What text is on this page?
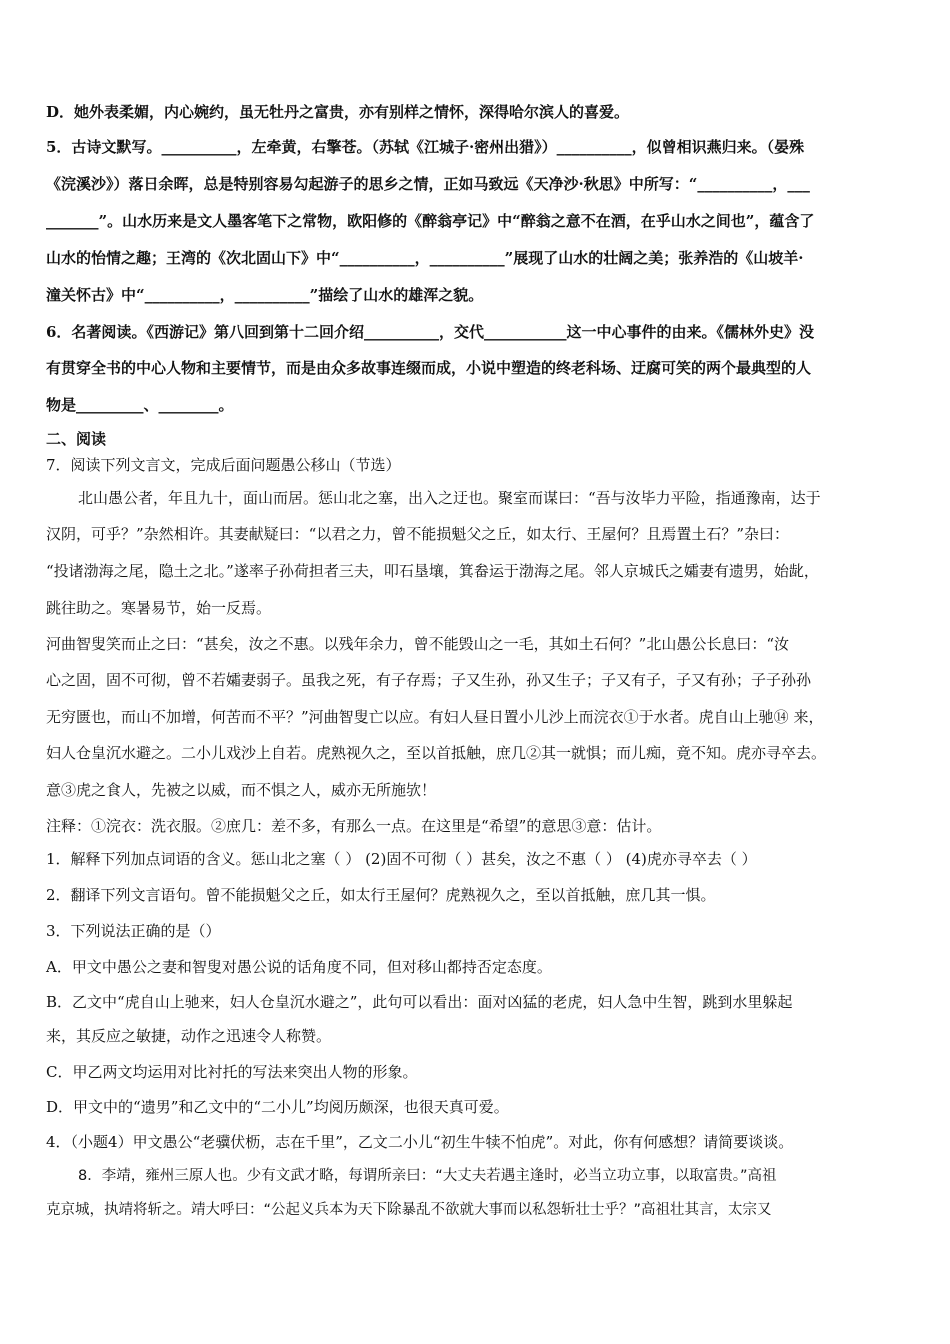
D．她外表柔媚，内心婉约，虽无牡丹之富贵，亦有别样之情怀，深得哈尔滨人的喜爱。
5．古诗文默写。__________，左牵黄，右擎苍。（苏轼《江城子·密州出猎》）__________，似曾相识燕归来。（晏殊
《浣溪沙》）落日余晖，总是特别容易勾起游子的思乡之情，正如马致远《天净沙·秋思》中所写：“__________，___
_______”。山水历来是文人墨客笔下之常物，欧阳修的《醉翁亭记》中“醉翁之意不在酒，在乎山水之间也”，蕴含了
山水的怡情之趣；王湾的《次北固山下》中“__________，__________”展现了山水的壮阔之美；张养浩的《山坡羊·
潼关怀古》中“__________，__________”描绘了山水的雄浑之貌。
6．名著阅读。《西游记》第八回到第十二回介绍__________，交代___________这一中心事件的由来。《儒林外史》没
有贯穿全书的中心人物和主要情节，而是由众多故事连缀而成，小说中塑造的终老科场、迂腐可笑的两个最典型的人
物是_________、________。
二、阅读
7．阅读下列文言文，完成后面问题愚公移山（节选）
北山愚公者，年且九十，面山而居。惩山北之塞，出入之迂也。聚室而谋曰：“吾与汝毕力平险，指通豫南，达于
汉阴，可乎？”杂然相许。其妻献疑曰：“以君之力，曾不能损魁父之丘，如太行、王屋何？且焉置土石？”杂曰：
“投诸渤海之尾，隐土之北。”遂率子孙荷担者三夫，叩石垦壤，箕畚运于渤海之尾。邻人京城氏之孀妻有遗男，始龀，
跳往助之。寒暑易节，始一反焉。
河曲智叟笑而止之曰：“甚矣，汝之不惠。以残年余力，曾不能毁山之一毛，其如土石何？”北山愚公长息曰：“汝
心之固，固不可彻，曾不若孀妻弱子。虽我之死，有子存焉；子又生孙，孙又生子；子又有子，子又有孙；子子孙孙
无穷匮也，而山不加增，何苦而不平？”河曲智叟亡以应。有妇人昼日置小儿沙上而浣衣①于水者。虎自山上驰⑭ 来，
妇人仓皇沉水避之。二小儿戏沙上自若。虎熟视久之，至以首抵触，庶几②其一就惧；而儿痴，竟不知。虎亦寻卒去。
意③虎之食人，先被之以威，而不惧之人，威亦无所施欤！
注释：①浣衣：洗衣服。②庶几：差不多，有那么一点。在这里是“希望”的意思③意：估计。
1．解释下列加点词语的含义。惩山北之塞（ ） (2)固不可彻（ ）甚矣，汝之不惠（ ） (4)虎亦寻卒去（ ）
2．翻译下列文言语句。曾不能损魁父之丘，如太行王屋何？虎熟视久之，至以首抵触，庶几其一惧。
3．下列说法正确的是（）
A．甲文中愚公之妻和智叟对愚公说的话角度不同，但对移山都持否定态度。
B．乙文中“虎自山上驰来，妇人仓皇沉水避之”，此句可以看出：面对凶猛的老虎，妇人急中生智，跳到水里躲起
来，其反应之敏捷，动作之迅速令人称赞。
C．甲乙两文均运用对比衬托的写法来突出人物的形象。
D．甲文中的“遗男”和乙文中的“二小儿”均阅历颇深，也很天真可爱。
4．（小题4）甲文愚公“老骥伏枥，志在千里”，乙文二小儿“初生牛犊不怕虎”。对此，你有何感想？请简要谈谈。
8．李靖，雍州三原人也。少有文武才略，每谓所亲曰：“大丈夫若遇主逢时，必当立功立事，以取富贵。”高祖
克京城，执靖将斩之。靖大呼曰：“公起义兵本为天下除暴乱不欲就大事而以私怨斩壮士乎？”高祖壮其言，太宗又
